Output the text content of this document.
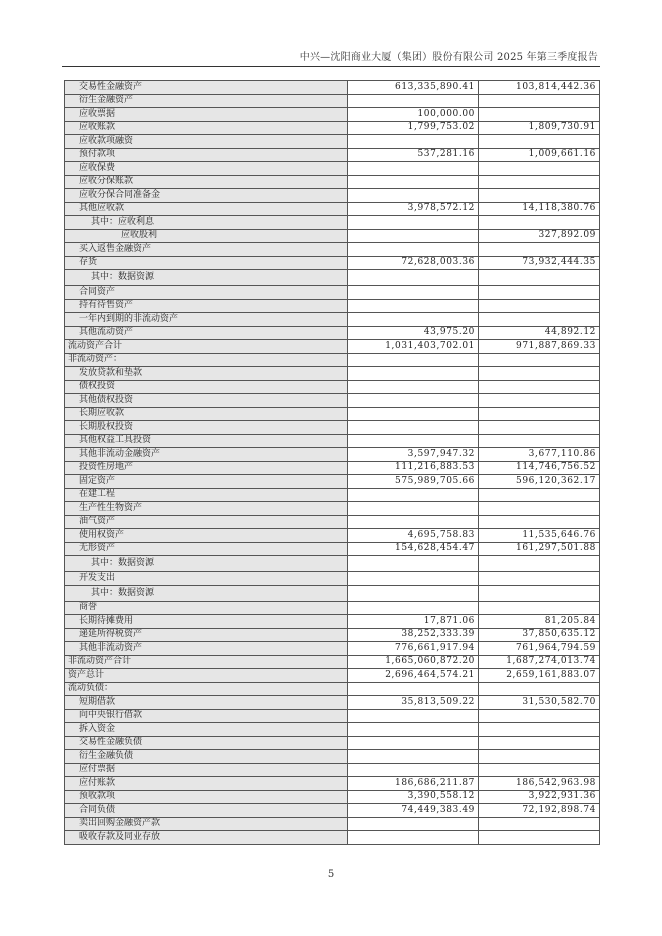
中兴—沈阳商业大厦（集团）股份有限公司 2025 年第三季度报告
交易性金融资产	613,335,890.41	103,814,442.36
衍生金融资产		
应收票据	100,000.00	
应收账款	1,799,753.02	1,809,730.91
应收款项融资		
预付款项	537,281.16	1,009,661.16
应收保费		
应收分保账款		
应收分保合同准备金		
其他应收款	3,978,572.12	14,118,380.76
其中：应收利息		
应收股利		327,892.09
买入返售金融资产		
存货	72,628,003.36	73,932,444.35
其中：数据资源		
合同资产		
持有待售资产		
一年内到期的非流动资产		
其他流动资产	43,975.20	44,892.12
流动资产合计	1,031,403,702.01	971,887,869.33
非流动资产：		
发放贷款和垫款		
债权投资		
其他债权投资		
长期应收款		
长期股权投资		
其他权益工具投资		
其他非流动金融资产	3,597,947.32	3,677,110.86
投资性房地产	111,216,883.53	114,746,756.52
固定资产	575,989,705.66	596,120,362.17
在建工程		
生产性生物资产		
油气资产		
使用权资产	4,695,758.83	11,535,646.76
无形资产	154,628,454.47	161,297,501.88
其中：数据资源		
开发支出		
其中：数据资源		
商誉		
长期待摊费用	17,871.06	81,205.84
递延所得税资产	38,252,333.39	37,850,635.12
其他非流动资产	776,661,917.94	761,964,794.59
非流动资产合计	1,665,060,872.20	1,687,274,013.74
资产总计	2,696,464,574.21	2,659,161,883.07
流动负债：		
短期借款	35,813,509.22	31,530,582.70
向中央银行借款		
拆入资金		
交易性金融负债		
衍生金融负债		
应付票据		
应付账款	186,686,211.87	186,542,963.98
预收款项	3,390,558.12	3,922,931.36
合同负债	74,449,383.49	72,192,898.74
卖出回购金融资产款		
吸收存款及同业存放		
5
